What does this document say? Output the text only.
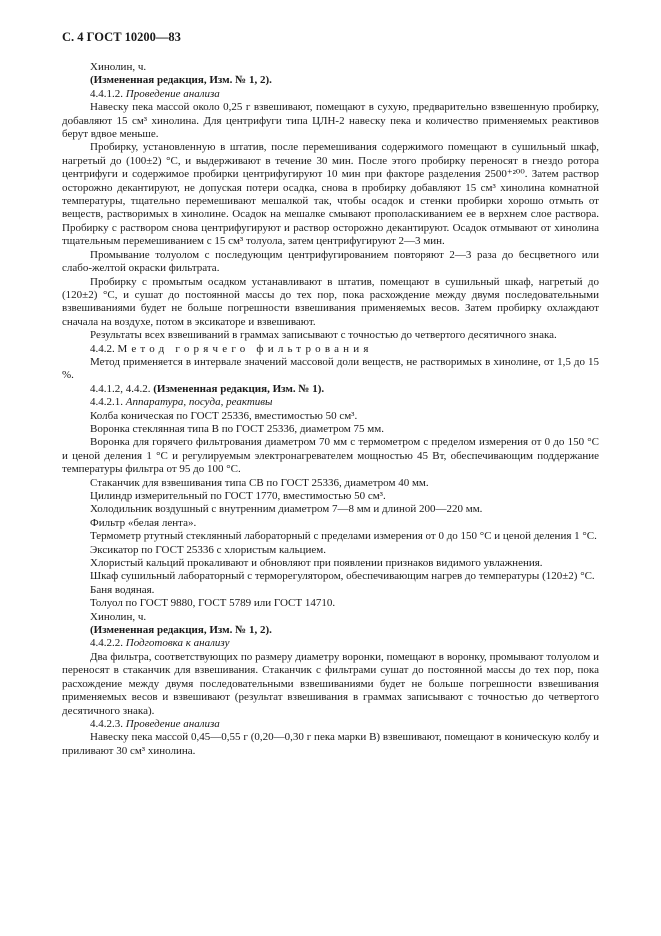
С. 4 ГОСТ 10200—83

Хинолин, ч.

(Измененная редакция, Изм. № 1, 2).

4.4.1.2. Проведение анализа

Навеску пека массой около 0,25 г взвешивают, помещают в сухую, предварительно взвешенную пробирку, добавляют 15 см³ хинолина. Для центрифуги типа ЦЛН-2 навеску пека и количество применяемых реактивов берут вдвое меньше.

Пробирку, установленную в штатив, после перемешивания содержимого помещают в сушильный шкаф, нагретый до (100±2) °С, и выдерживают в течение 30 мин. После этого пробирку переносят в гнездо ротора центрифуги и содержимое пробирки центрифугируют 10 мин при факторе разделения 2500⁺²⁰⁰. Затем раствор осторожно декантируют, не допуская потери осадка, снова в пробирку добавляют 15 см³ хинолина комнатной температуры, тщательно перемешивают мешалкой так, чтобы осадок и стенки пробирки хорошо отмыть от веществ, растворимых в хинолине. Осадок на мешалке смывают прополаскиванием ее в верхнем слое раствора. Пробирку с раствором снова центрифугируют и раствор осторожно декантируют. Осадок отмывают от хинолина тщательным перемешиванием с 15 см³ толуола, затем центрифугируют 2—3 мин.

Промывание толуолом с последующим центрифугированием повторяют 2—3 раза до бесцветного или слабо-желтой окраски фильтрата.

Пробирку с промытым осадком устанавливают в штатив, помещают в сушильный шкаф, нагретый до (120±2) °С, и сушат до постоянной массы до тех пор, пока расхождение между двумя последовательными взвешиваниями будет не больше погрешности взвешивания применяемых весов. Затем пробирку охлаждают сначала на воздухе, потом в эксикаторе и взвешивают.

Результаты всех взвешиваний в граммах записывают с точностью до четвертого десятичного знака.

4.4.2. Метод горячего фильтрования

Метод применяется в интервале значений массовой доли веществ, не растворимых в хинолине, от 1,5 до 15 %.

4.4.1.2, 4.4.2. (Измененная редакция, Изм. № 1).

4.4.2.1. Аппаратура, посуда, реактивы

Колба коническая по ГОСТ 25336, вместимостью 50 см³.

Воронка стеклянная типа В по ГОСТ 25336, диаметром 75 мм.

Воронка для горячего фильтрования диаметром 70 мм с термометром с пределом измерения от 0 до 150 °С и ценой деления 1 °С и регулируемым электронагревателем мощностью 45 Вт, обеспечивающим поддержание температуры фильтра от 95 до 100 °С.

Стаканчик для взвешивания типа СВ по ГОСТ 25336, диаметром 40 мм.

Цилиндр измерительный по ГОСТ 1770, вместимостью 50 см³.

Холодильник воздушный с внутренним диаметром 7—8 мм и длиной 200—220 мм.

Фильтр «белая лента».

Термометр ртутный стеклянный лабораторный с пределами измерения от 0 до 150 °С и ценой деления 1 °С.

Эксикатор по ГОСТ 25336 с хлористым кальцием.

Хлористый кальций прокаливают и обновляют при появлении признаков видимого увлажнения.

Шкаф сушильный лабораторный с терморегулятором, обеспечивающим нагрев до температуры (120±2) °С.

Баня водяная.

Толуол по ГОСТ 9880, ГОСТ 5789 или ГОСТ 14710.

Хинолин, ч.

(Измененная редакция, Изм. № 1, 2).

4.4.2.2. Подготовка к анализу

Два фильтра, соответствующих по размеру диаметру воронки, помещают в воронку, промывают толуолом и переносят в стаканчик для взвешивания. Стаканчик с фильтрами сушат до постоянной массы до тех пор, пока расхождение между двумя последовательными взвешиваниями будет не больше погрешности взвешивания применяемых весов и взвешивают (результат взвешивания в граммах записывают с точностью до четвертого десятичного знака).

4.4.2.3. Проведение анализа

Навеску пека массой 0,45—0,55 г (0,20—0,30 г пека марки В) взвешивают, помещают в коническую колбу и приливают 30 см³ хинолина.
